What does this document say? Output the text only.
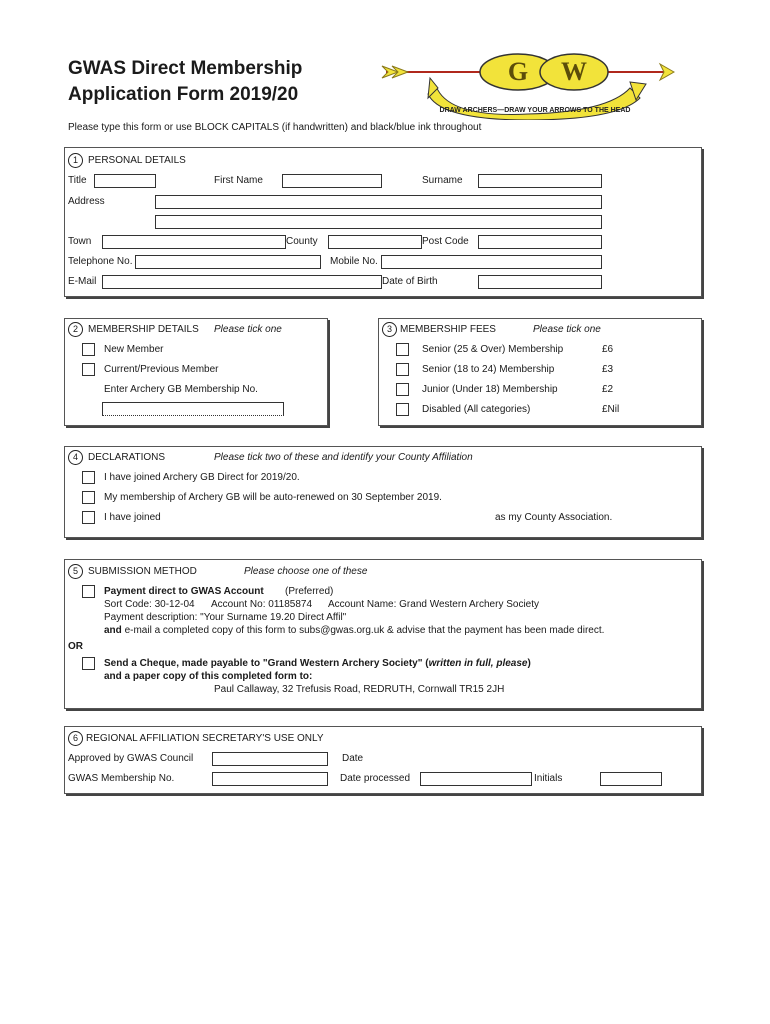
GWAS Direct Membership
Application Form 2019/20
Please type this form or use BLOCK CAPITALS (if handwritten) and black/blue ink throughout
G W
DRAW ARCHERS—DRAW YOUR ARROWS TO THE HEAD
1	PERSONAL DETAILS
Title	First Name	Surname
Address
Town	County	Post Code
Telephone No.	Mobile No.
E-Mail	Date of Birth
2	MEMBERSHIP DETAILS Please tick one
New Member
Current/Previous Member
Enter Archery GB Membership No.
3 MEMBERSHIP FEES	Please tick one
Senior (25 & Over) Membership	£6
Senior (18 to 24) Membership	£3
Junior (Under 18) Membership	£2
Disabled (All categories)	£Nil
4	DECLARATIONS	Please tick two of these and identify your County Affiliation
I have joined Archery GB Direct for 2019/20.
My membership of Archery GB will be auto-renewed on 30 September 2019.
I have joined	as my County Association.
5	SUBMISSION METHOD	Please choose one of these
Payment direct to GWAS Account (Preferred)
Sort Code: 30-12-04 Account No: 01185874 Account Name: Grand Western Archery Society
Payment description: "Your Surname 19.20 Direct Affil"
and e-mail a completed copy of this form to subs@gwas.org.uk & advise that the payment has been made direct.
OR
Send a Cheque, made payable to "Grand Western Archery Society" (written in full, please)
and a paper copy of this completed form to:
Paul Callaway, 32 Trefusis Road, REDRUTH, Cornwall TR15 2JH
6 REGIONAL AFFILIATION SECRETARY'S USE ONLY
Approved by GWAS Council	Date
GWAS Membership No.	Date processed	Initials
